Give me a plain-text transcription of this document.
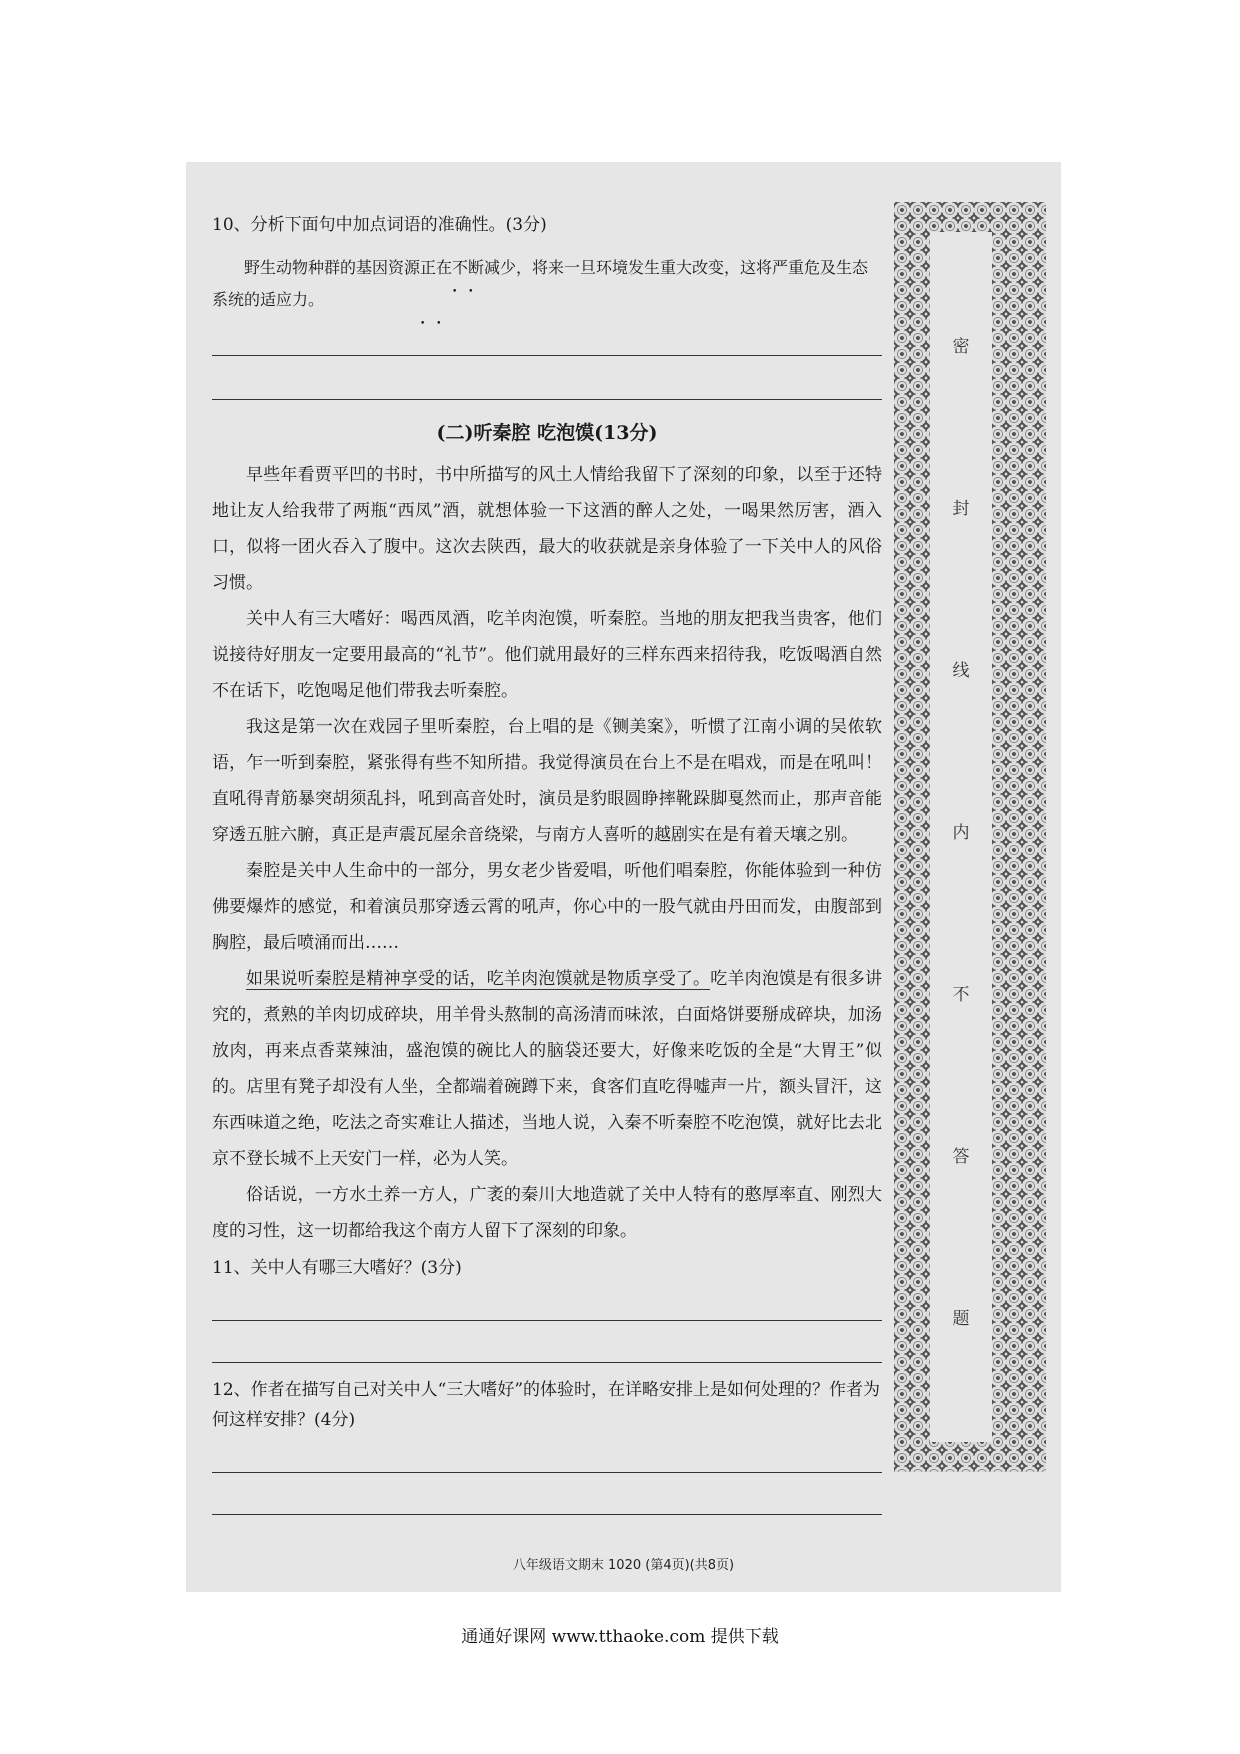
密
封
线
内
不
答
题

10、分析下面句中加点词语的准确性。(3分)

野生动物种群的基因资源正在不断 • • • •减少，将来一旦环境发生重大改变，这将严重危及生态系统的适应力。

(二)听秦腔 吃泡馍(13分)

早些年看贾平凹的书时，书中所描写的风土人情给我留下了深刻的印象，以至于还特地让友人给我带了两瓶“西凤”酒，就想体验一下这酒的醉人之处，一喝果然厉害，酒入口，似将一团火吞入了腹中。这次去陕西，最大的收获就是亲身体验了一下关中人的风俗习惯。

关中人有三大嗜好：喝西凤酒，吃羊肉泡馍，听秦腔。当地的朋友把我当贵客，他们说接待好朋友一定要用最高的“礼节”。他们就用最好的三样东西来招待我，吃饭喝酒自然不在话下，吃饱喝足他们带我去听秦腔。

我这是第一次在戏园子里听秦腔，台上唱的是《铡美案》，听惯了江南小调的吴侬软语，乍一听到秦腔，紧张得有些不知所措。我觉得演员在台上不是在唱戏，而是在吼叫！直吼得青筋暴突胡须乱抖，吼到高音处时，演员是豹眼圆睁摔靴跺脚戛然而止，那声音能穿透五脏六腑，真正是声震瓦屋余音绕梁，与南方人喜听的越剧实在是有着天壤之别。

秦腔是关中人生命中的一部分，男女老少皆爱唱，听他们唱秦腔，你能体验到一种仿佛要爆炸的感觉，和着演员那穿透云霄的吼声，你心中的一股气就由丹田而发，由腹部到胸腔，最后喷涌而出……

如果说听秦腔是精神享受的话，吃羊肉泡馍就是物质享受了。吃羊肉泡馍是有很多讲究的，煮熟的羊肉切成碎块，用羊骨头熬制的高汤清而味浓，白面烙饼要掰成碎块，加汤放肉，再来点香菜辣油，盛泡馍的碗比人的脑袋还要大，好像来吃饭的全是“大胃王”似的。店里有凳子却没有人坐，全都端着碗蹲下来，食客们直吃得嘘声一片，额头冒汗，这东西味道之绝，吃法之奇实难让人描述，当地人说，入秦不听秦腔不吃泡馍，就好比去北京不登长城不上天安门一样，必为人笑。

俗话说，一方水土养一方人，广袤的秦川大地造就了关中人特有的憨厚率直、刚烈大度的习性，这一切都给我这个南方人留下了深刻的印象。

11、关中人有哪三大嗜好？(3分)

12、作者在描写自己对关中人“三大嗜好”的体验时，在详略安排上是如何处理的？作者为何这样安排？(4分)

八年级语文期末 1020 (第4页)(共8页)
通通好课网 www.tthaoke.com 提供下载
